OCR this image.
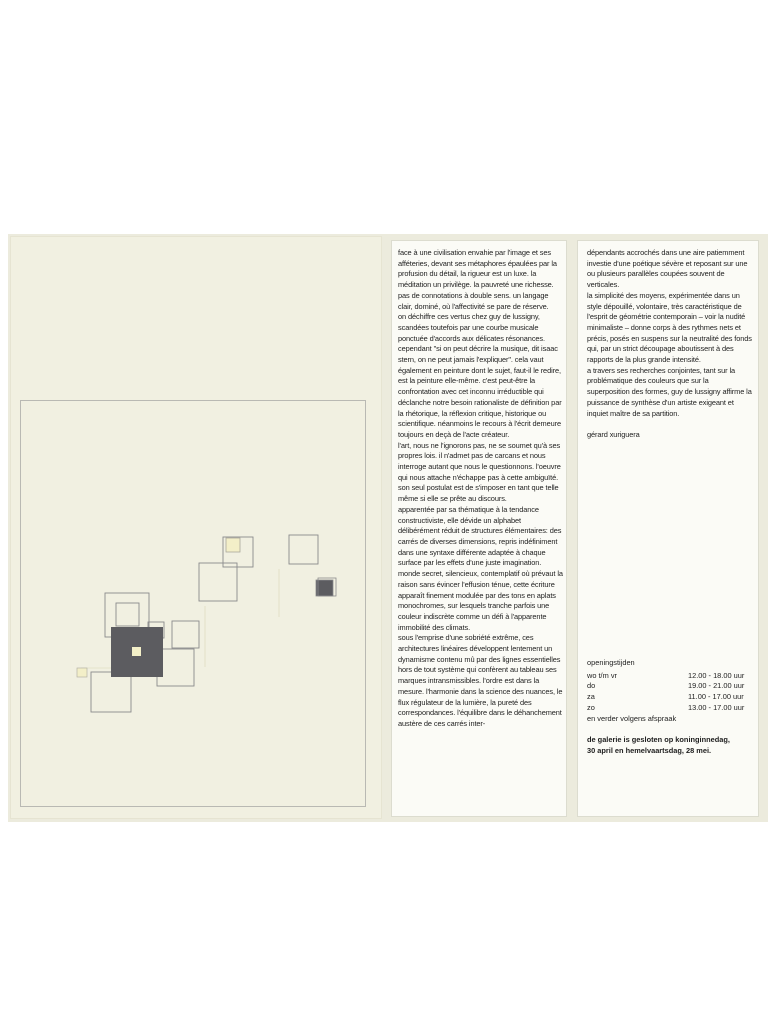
face à une civilisation envahie par l'image et ses afféteries, devant ses métaphores épaulées par la profusion du détail, la rigueur est un luxe. la méditation un privilège. la pauvreté une richesse. pas de connotations à double sens. un langage clair, dominé, où l'affectivité se pare de réserve.

on déchiffre ces vertus chez guy de lussigny, scandées toutefois par une courbe musicale ponctuée d'accords aux délicates résonances. cependant "si on peut décrire la musique, dit isaac stern, on ne peut jamais l'expliquer". cela vaut également en peinture dont le sujet, faut-il le redire, est la peinture elle-même. c'est peut-être la confrontation avec cet inconnu irréductible qui déclanche notre besoin rationaliste de définition par la rhétorique, la réflexion critique, historique ou scientifique. néanmoins le recours à l'écrit demeure toujours en deçà de l'acte créateur.

l'art, nous ne l'ignorons pas, ne se soumet qu'à ses propres lois. il n'admet pas de carcans et nous interroge autant que nous le questionnons. l'oeuvre qui nous attache n'échappe pas à cette ambiguïté. son seul postulat est de s'imposer en tant que telle même si elle se prête au discours.

apparentée par sa thématique à la tendance constructiviste, elle dévide un alphabet délibérément réduit de structures élémentaires: des carrés de diverses dimensions, repris indéfiniment dans une syntaxe différente adaptée à chaque surface par les effets d'une juste imagination.

monde secret, silencieux, contemplatif où prévaut la raison sans évincer l'effusion ténue, cette écriture apparaît finement modulée par des tons en aplats monochromes, sur lesquels tranche parfois une couleur indiscrète comme un défi à l'apparente immobilité des climats.

sous l'emprise d'une sobriété extrême, ces architectures linéaires développent lentement un dynamisme contenu mû par des lignes essentielles hors de tout système qui confèrent au tableau ses marques intransmissibles. l'ordre est dans la mesure. l'harmonie dans la science des nuances, le flux régulateur de la lumière, la pureté des correspondances. l'équilibre dans le déhanchement austère de ces carrés inter-

dépendants accrochés dans une aire patiemment investie d'une poétique sévère et reposant sur une ou plusieurs parallèles coupées souvent de verticales.

la simplicité des moyens, expérimentée dans un style dépouillé, volontaire, très caractéristique de l'esprit de géométrie contemporain – voir la nudité minimaliste – donne corps à des rythmes nets et précis, posés en suspens sur la neutralité des fonds qui, par un strict découpage aboutissent à des rapports de la plus grande intensité.

a travers ses recherches conjointes, tant sur la problématique des couleurs que sur la superposition des formes, guy de lussigny affirme la puissance de synthèse d'un artiste exigeant et inquiet maître de sa partition.

gérard xuriguera

openingstijden
wo t/m vr	12.00 - 18.00 uur
do	19.00 - 21.00 uur
za	11.00 - 17.00 uur
zo	13.00 - 17.00 uur
en verder volgens afspraak
de galerie is gesloten op koninginnedag,
30 april en hemelvaartsdag, 28 mei.
